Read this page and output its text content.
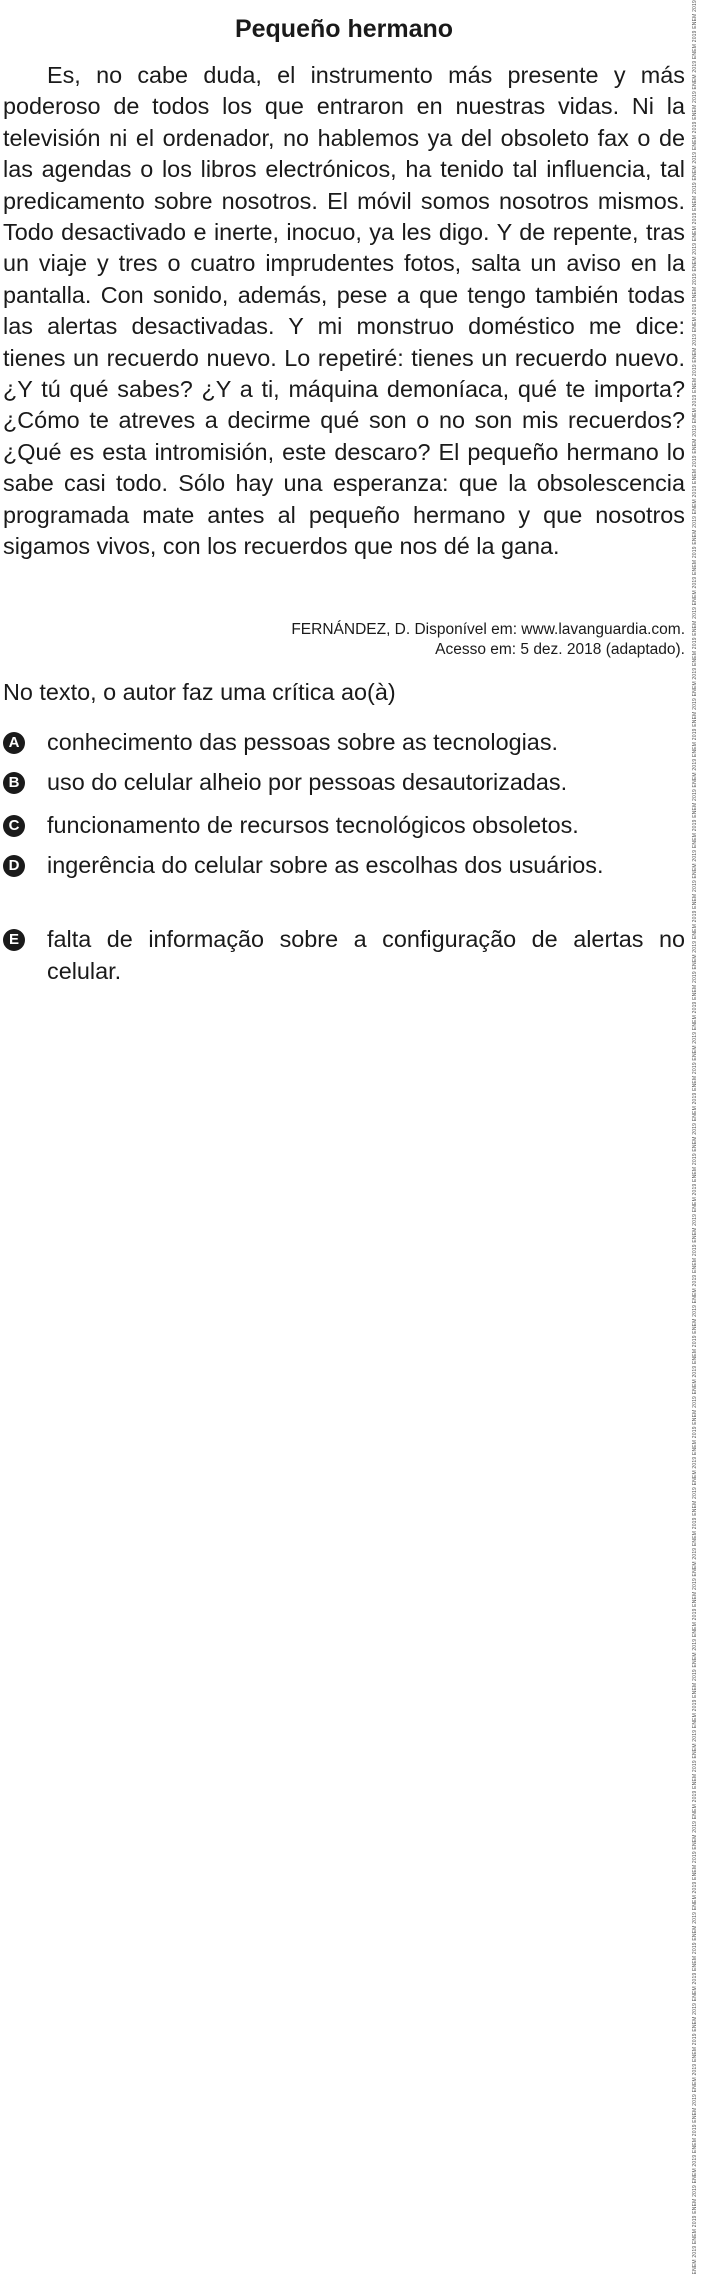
Pequeño hermano

Es, no cabe duda, el instrumento más presente y más poderoso de todos los que entraron en nuestras vidas. Ni la televisión ni el ordenador, no hablemos ya del obsoleto fax o de las agendas o los libros electrónicos, ha tenido tal influencia, tal predicamento sobre nosotros. El móvil somos nosotros mismos. Todo desactivado e inerte, inocuo, ya les digo. Y de repente, tras un viaje y tres o cuatro imprudentes fotos, salta un aviso en la pantalla. Con sonido, además, pese a que tengo también todas las alertas desactivadas. Y mi monstruo doméstico me dice: tienes un recuerdo nuevo. Lo repetiré: tienes un recuerdo nuevo. ¿Y tú qué sabes? ¿Y a ti, máquina demoníaca, qué te importa? ¿Cómo te atreves a decirme qué son o no son mis recuerdos? ¿Qué es esta intromisión, este descaro? El pequeño hermano lo sabe casi todo. Sólo hay una esperanza: que la obsolescencia programada mate antes al pequeño hermano y que nosotros sigamos vivos, con los recuerdos que nos dé la gana.

FERNÁNDEZ, D. Disponível em: www.lavanguardia.com.
Acesso em: 5 dez. 2018 (adaptado).

No texto, o autor faz uma crítica ao(à)

A conhecimento das pessoas sobre as tecnologias.
B uso do celular alheio por pessoas desautorizadas.
C funcionamento de recursos tecnológicos obsoletos.
D ingerência do celular sobre as escolhas dos usuários.
E falta de informação sobre a configuração de alertas no celular.	ENEM 2019 ENEM 2019 ENEM 2019 ENEM 2019 ENEM 2019 ENEM 2019 ENEM 2019 ENEM 2019 ENEM 2019 ENEM 2019 ENEM 2019 ENEM 2019 ENEM 2019 ENEM 2019 ENEM 2019 ENEM 2019 ENEM 2019 ENEM 2019 ENEM 2019 ENEM 2019 ENEM 2019 ENEM 2019 ENEM 2019 ENEM 2019 ENEM 2019 ENEM 2019 ENEM 2019 ENEM 2019 ENEM 2019 ENEM 2019 ENEM 2019 ENEM 2019 ENEM 2019 ENEM 2019 ENEM 2019 ENEM 2019 ENEM 2019 ENEM 2019 ENEM 2019 ENEM 2019 ENEM 2019 ENEM 2019 ENEM 2019 ENEM 2019 ENEM 2019 ENEM 2019 ENEM 2019 ENEM 2019 ENEM 2019 ENEM 2019 ENEM 2019 ENEM 2019 ENEM 2019 ENEM 2019 ENEM 2019 ENEM 2019 ENEM 2019 ENEM 2019 ENEM 2019 ENEM 2019 ENEM 2019 ENEM 2019 ENEM 2019 ENEM 2019 ENEM 2019 ENEM 2019 ENEM 2019 ENEM 2019 ENEM 2019 ENEM 2019 ENEM 2019 ENEM 2019 ENEM 2019 ENEM 2019 ENEM 2019
